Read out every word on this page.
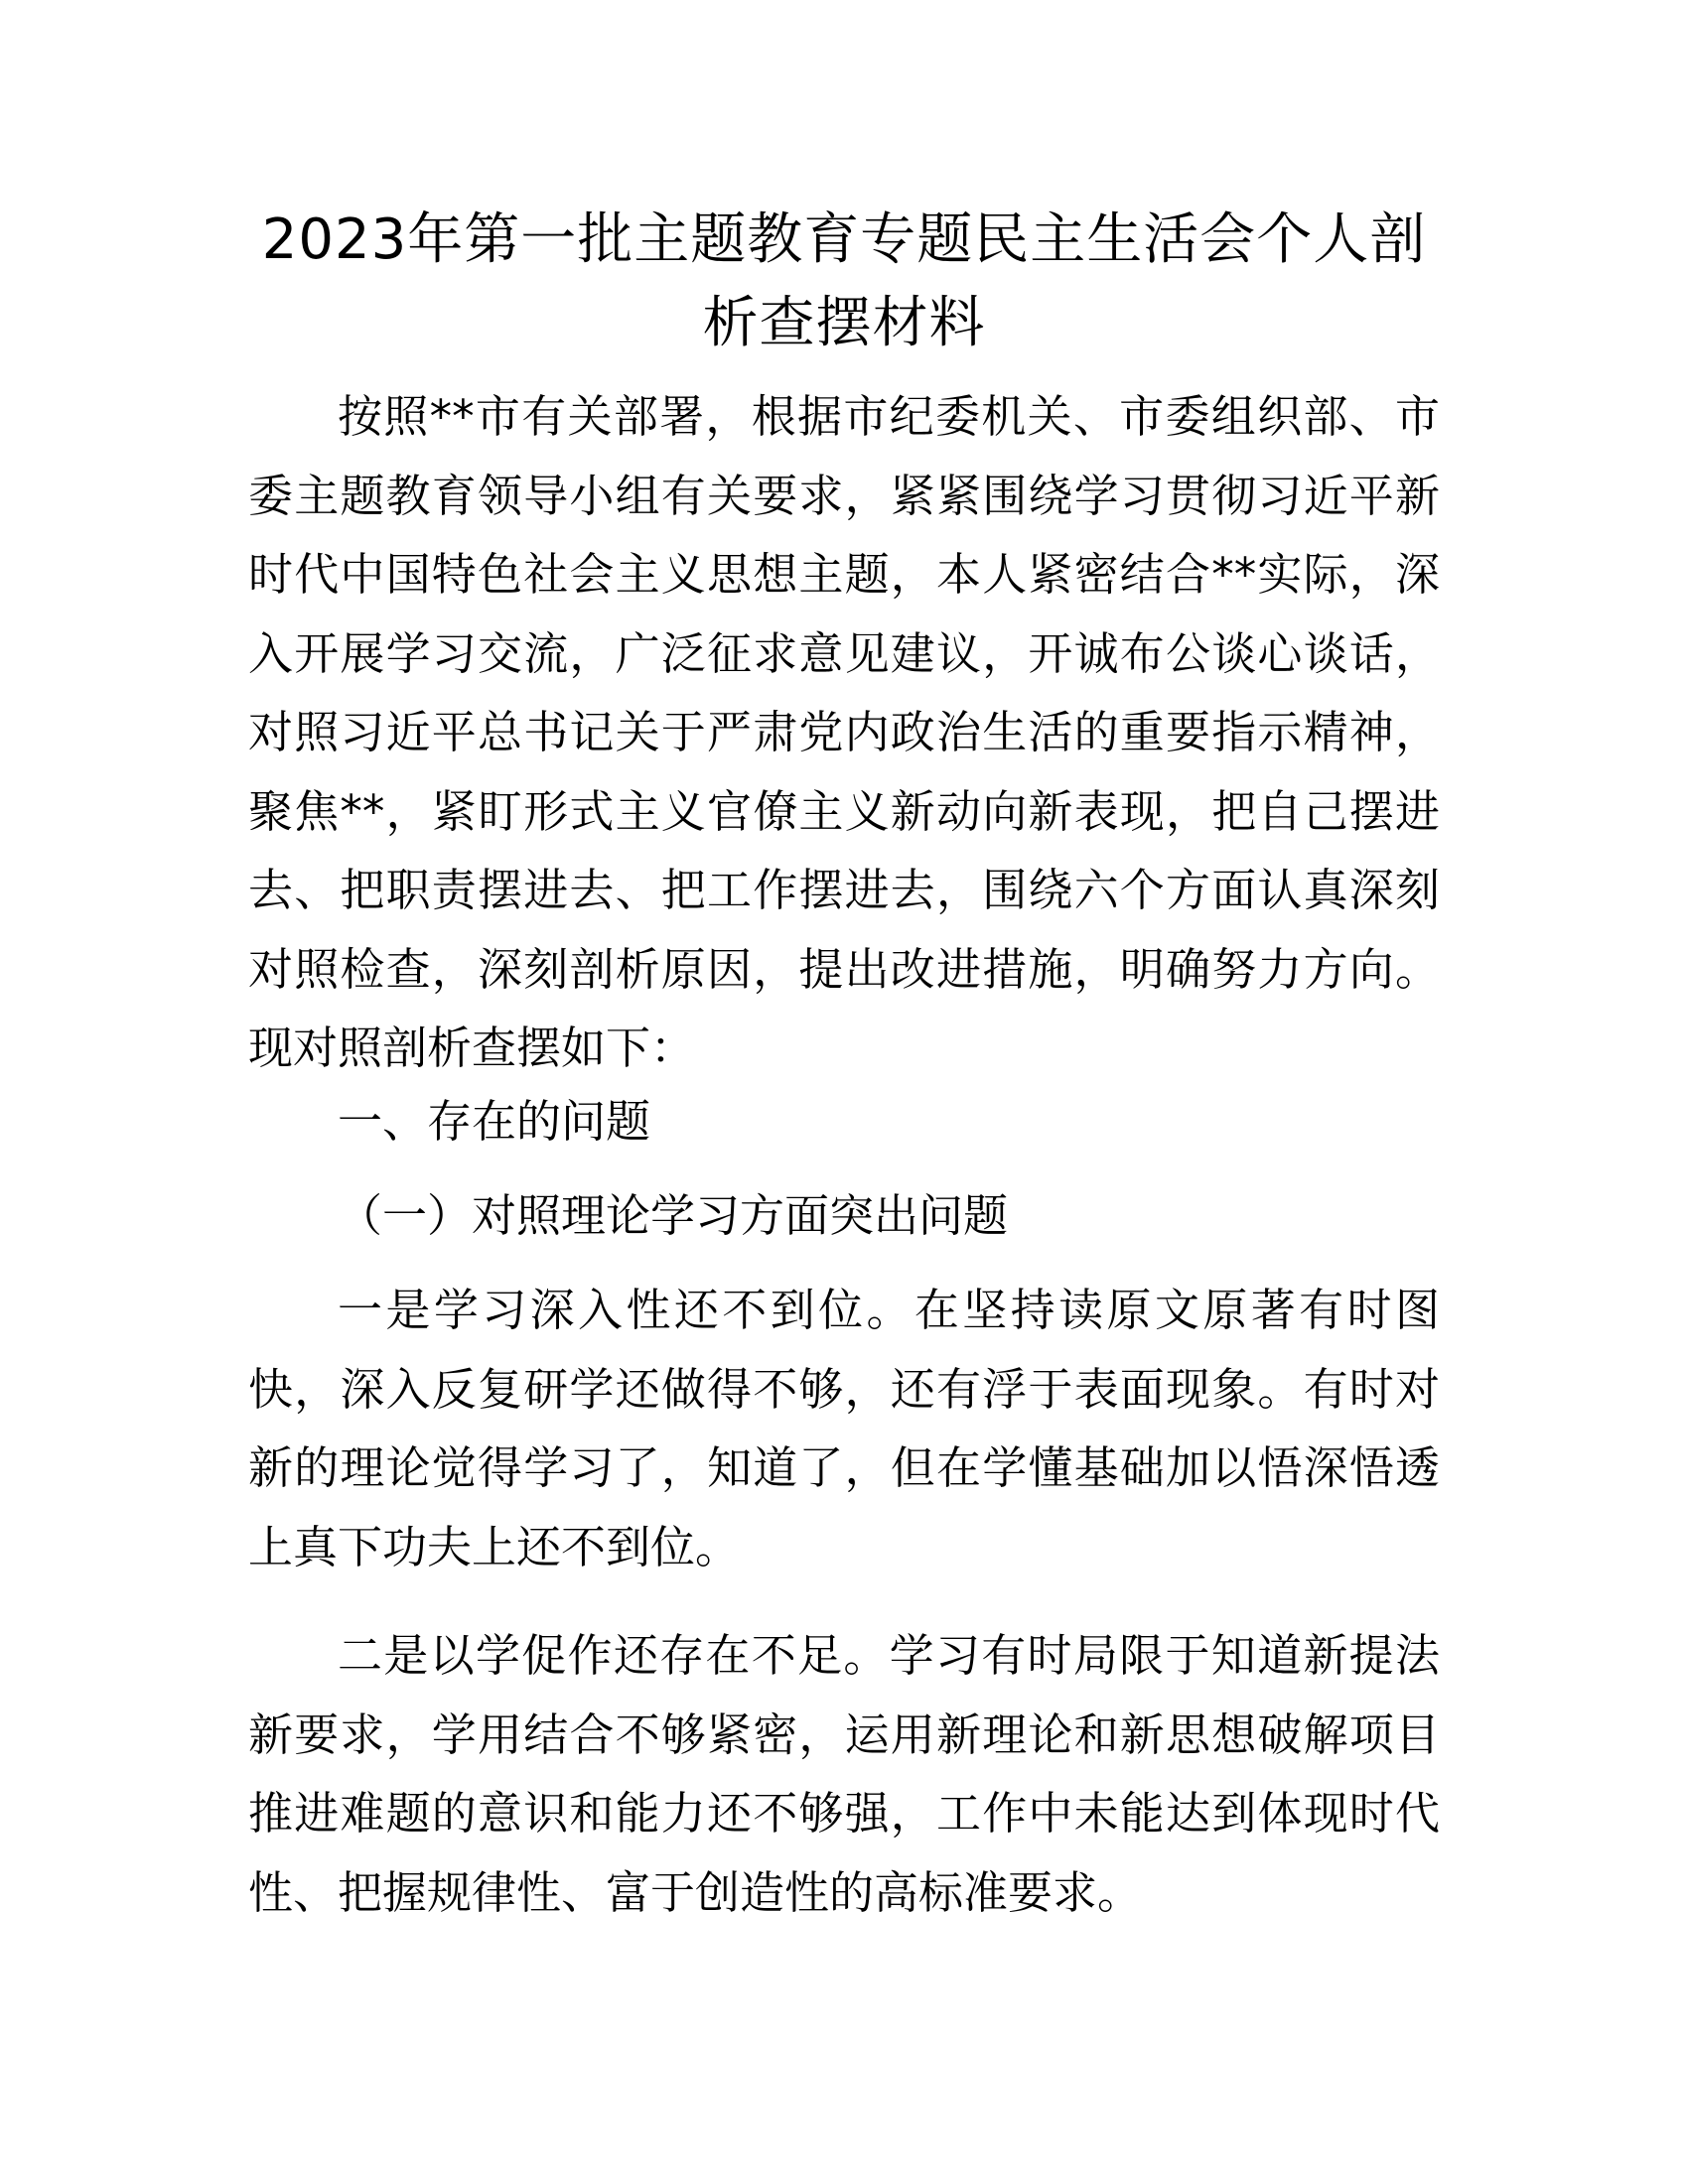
2023年第一批主题教育专题民主生活会个人剖析查摆材料

按照**市有关部署，根据市纪委机关、市委组织部、市委主题教育领导小组有关要求，紧紧围绕学习贯彻习近平新时代中国特色社会主义思想主题，本人紧密结合**实际，深入开展学习交流，广泛征求意见建议，开诚布公谈心谈话，对照习近平总书记关于严肃党内政治生活的重要指示精神，聚焦**，紧盯形式主义官僚主义新动向新表现，把自己摆进去、把职责摆进去、把工作摆进去，围绕六个方面认真深刻对照检查，深刻剖析原因，提出改进措施，明确努力方向。现对照剖析查摆如下：

一、存在的问题

（一）对照理论学习方面突出问题

一是学习深入性还不到位。在坚持读原文原著有时图快，深入反复研学还做得不够，还有浮于表面现象。有时对新的理论觉得学习了，知道了，但在学懂基础加以悟深悟透上真下功夫上还不到位。

二是以学促作还存在不足。学习有时局限于知道新提法新要求，学用结合不够紧密，运用新理论和新思想破解项目推进难题的意识和能力还不够强，工作中未能达到体现时代性、把握规律性、富于创造性的高标准要求。
